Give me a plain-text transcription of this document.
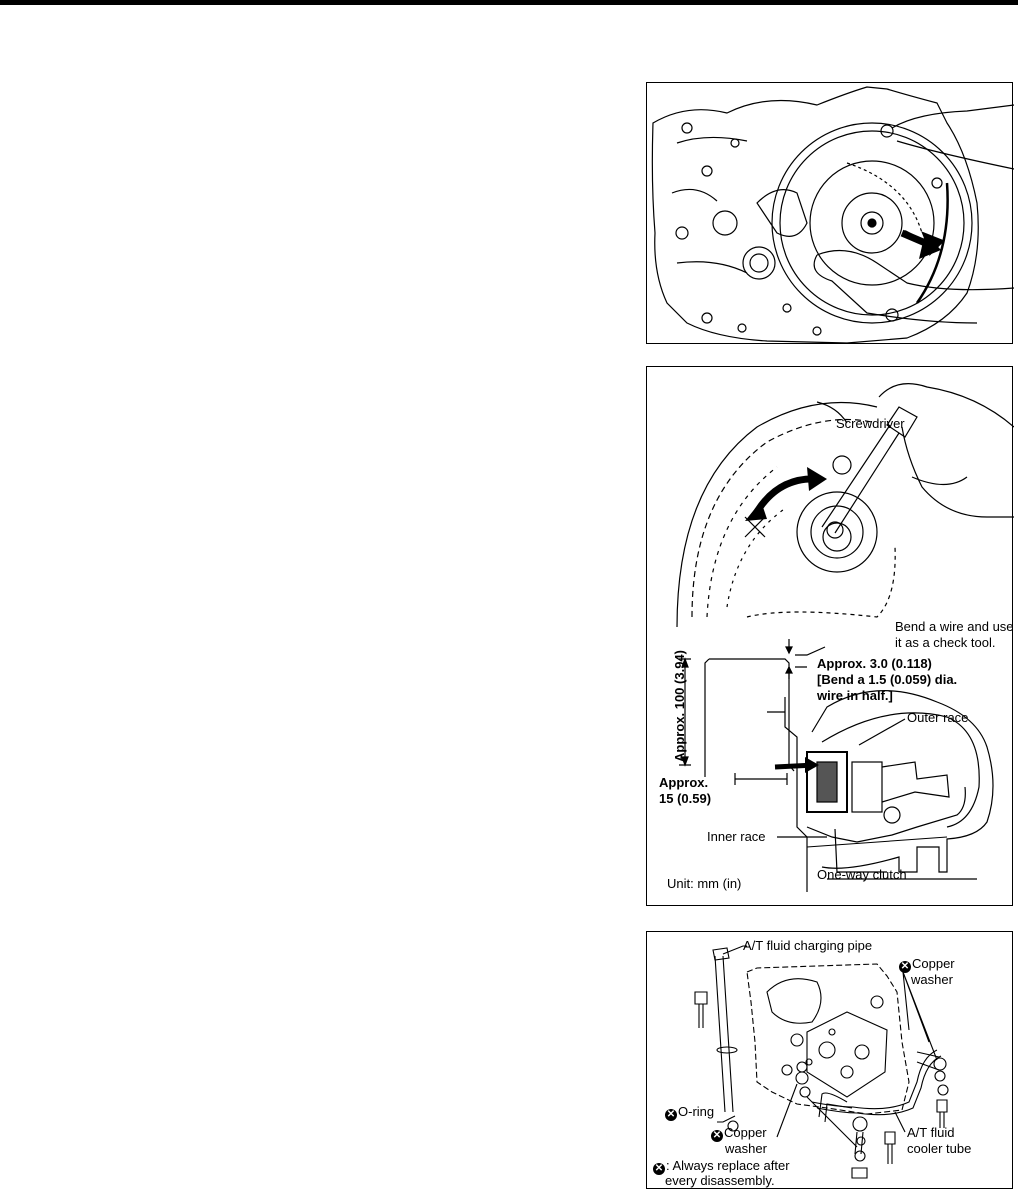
Screwdriver
Bend a wire and use
it as a check tool.
Approx. 3.0 (0.118)
[Bend a 1.5 (0.059) dia.
wire in half.]
Approx. 100 (3.94)	Outer race
Approx.
15 (0.59)
Inner race
One-way clutch
Unit: mm (in)
A/T fluid charging pipe
✕ Copper
washer
✕ O-ring
✕ Copper
washer
A/T fluid
cooler tube
✕ : Always replace after
every disassembly.
